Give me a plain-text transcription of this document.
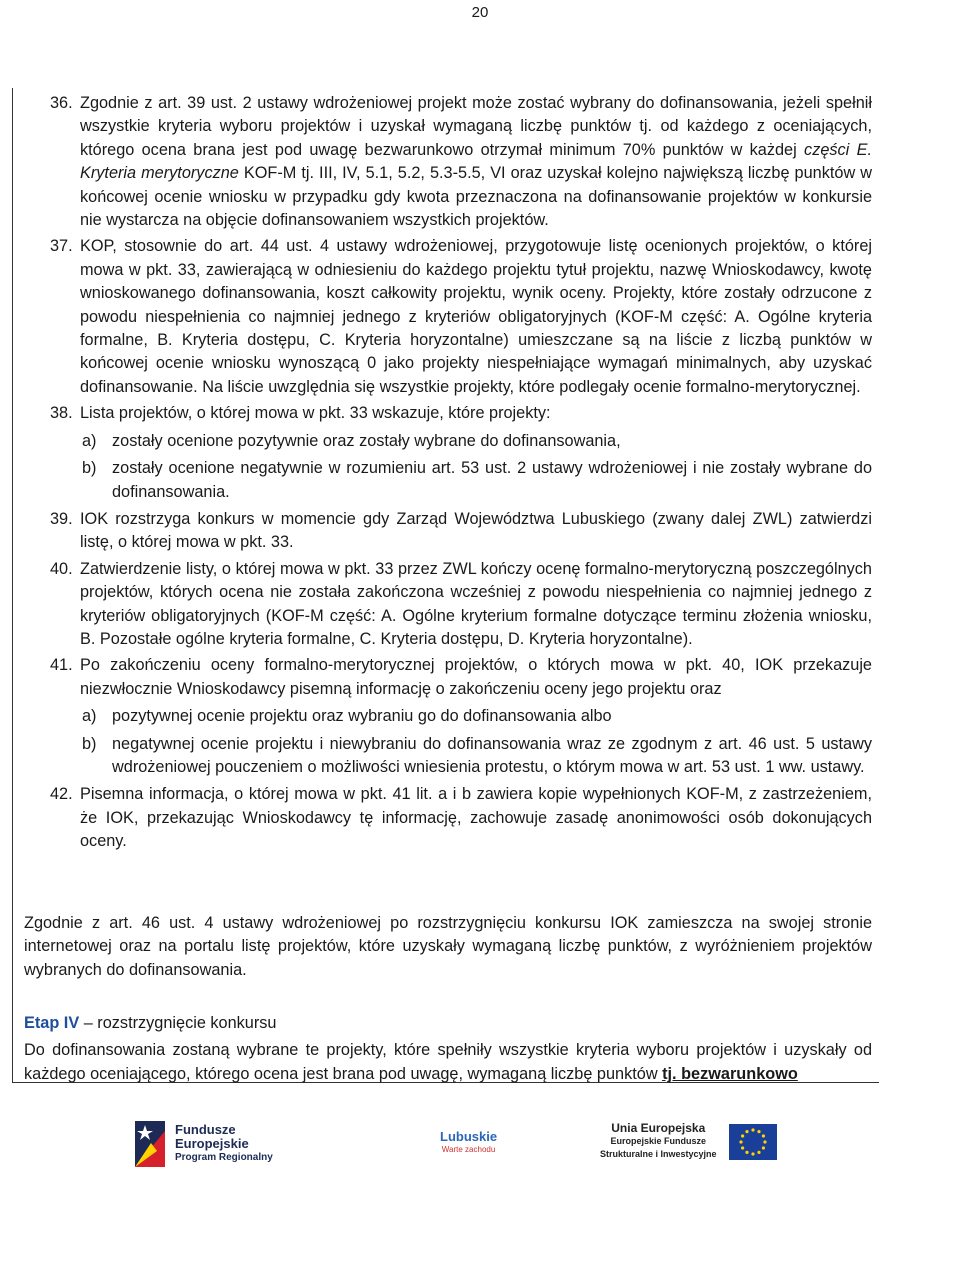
20
36. Zgodnie z art. 39 ust. 2 ustawy wdrożeniowej projekt może zostać wybrany do dofinansowania, jeżeli spełnił wszystkie kryteria wyboru projektów i uzyskał wymaganą liczbę punktów tj. od każdego z oceniających, którego ocena brana jest pod uwagę bezwarunkowo otrzymał minimum 70% punktów w każdej części E. Kryteria merytoryczne KOF-M tj. III, IV, 5.1, 5.2, 5.3-5.5, VI oraz uzyskał kolejno największą liczbę punktów w końcowej ocenie wniosku w przypadku gdy kwota przeznaczona na dofinansowanie projektów w konkursie nie wystarcza na objęcie dofinansowaniem wszystkich projektów.
37. KOP, stosownie do art. 44 ust. 4 ustawy wdrożeniowej, przygotowuje listę ocenionych projektów, o której mowa w pkt. 33, zawierającą w odniesieniu do każdego projektu tytuł projektu, nazwę Wnioskodawcy, kwotę wnioskowanego dofinansowania, koszt całkowity projektu, wynik oceny. Projekty, które zostały odrzucone z powodu niespełnienia co najmniej jednego z kryteriów obligatoryjnych (KOF-M część: A. Ogólne kryteria formalne, B. Kryteria dostępu, C. Kryteria horyzontalne) umieszczane są na liście z liczbą punktów w końcowej ocenie wniosku wynoszącą 0 jako projekty niespełniające wymagań minimalnych, aby uzyskać dofinansowanie. Na liście uwzględnia się wszystkie projekty, które podlegały ocenie formalno-merytorycznej.
38. Lista projektów, o której mowa w pkt. 33 wskazuje, które projekty:
a) zostały ocenione pozytywnie oraz zostały wybrane do dofinansowania,
b) zostały ocenione negatywnie w rozumieniu art. 53 ust. 2 ustawy wdrożeniowej i nie zostały wybrane do dofinansowania.
39. IOK rozstrzyga konkurs w momencie gdy Zarząd Województwa Lubuskiego (zwany dalej ZWL) zatwierdzi listę, o której mowa w pkt. 33.
40. Zatwierdzenie listy, o której mowa w pkt. 33 przez ZWL kończy ocenę formalno-merytoryczną poszczególnych projektów, których ocena nie została zakończona wcześniej z powodu niespełnienia co najmniej jednego z kryteriów obligatoryjnych (KOF-M część: A. Ogólne kryterium formalne dotyczące terminu złożenia wniosku, B. Pozostałe ogólne kryteria formalne, C. Kryteria dostępu, D. Kryteria horyzontalne).
41. Po zakończeniu oceny formalno-merytorycznej projektów, o których mowa w pkt. 40, IOK przekazuje niezwłocznie Wnioskodawcy pisemną informację o zakończeniu oceny jego projektu oraz
a) pozytywnej ocenie projektu oraz wybraniu go do dofinansowania albo
b) negatywnej ocenie projektu i niewybraniu do dofinansowania wraz ze zgodnym z art. 46 ust. 5 ustawy wdrożeniowej pouczeniem o możliwości wniesienia protestu, o którym mowa w art. 53 ust. 1 ww. ustawy.
42. Pisemna informacja, o której mowa w pkt. 41 lit. a i b zawiera kopie wypełnionych KOF-M, z zastrzeżeniem, że IOK, przekazując Wnioskodawcy tę informację, zachowuje zasadę anonimowości osób dokonujących oceny.
Zgodnie z art. 46 ust. 4 ustawy wdrożeniowej po rozstrzygnięciu konkursu IOK zamieszcza na swojej stronie internetowej oraz na portalu listę projektów, które uzyskały wymaganą liczbę punktów, z wyróżnieniem projektów wybranych do dofinansowania.
Etap IV – rozstrzygnięcie konkursu
Do dofinansowania zostaną wybrane te projekty, które spełniły wszystkie kryteria wyboru projektów i uzyskały od każdego oceniającego, którego ocena jest brana pod uwagę, wymaganą liczbę punktów tj. bezwarunkowo
Fundusze
Europejskie
Program Regionalny
Lubuskie
Warte zachodu
Unia Europejska
Europejskie Fundusze
Strukturalne i Inwestycyjne
